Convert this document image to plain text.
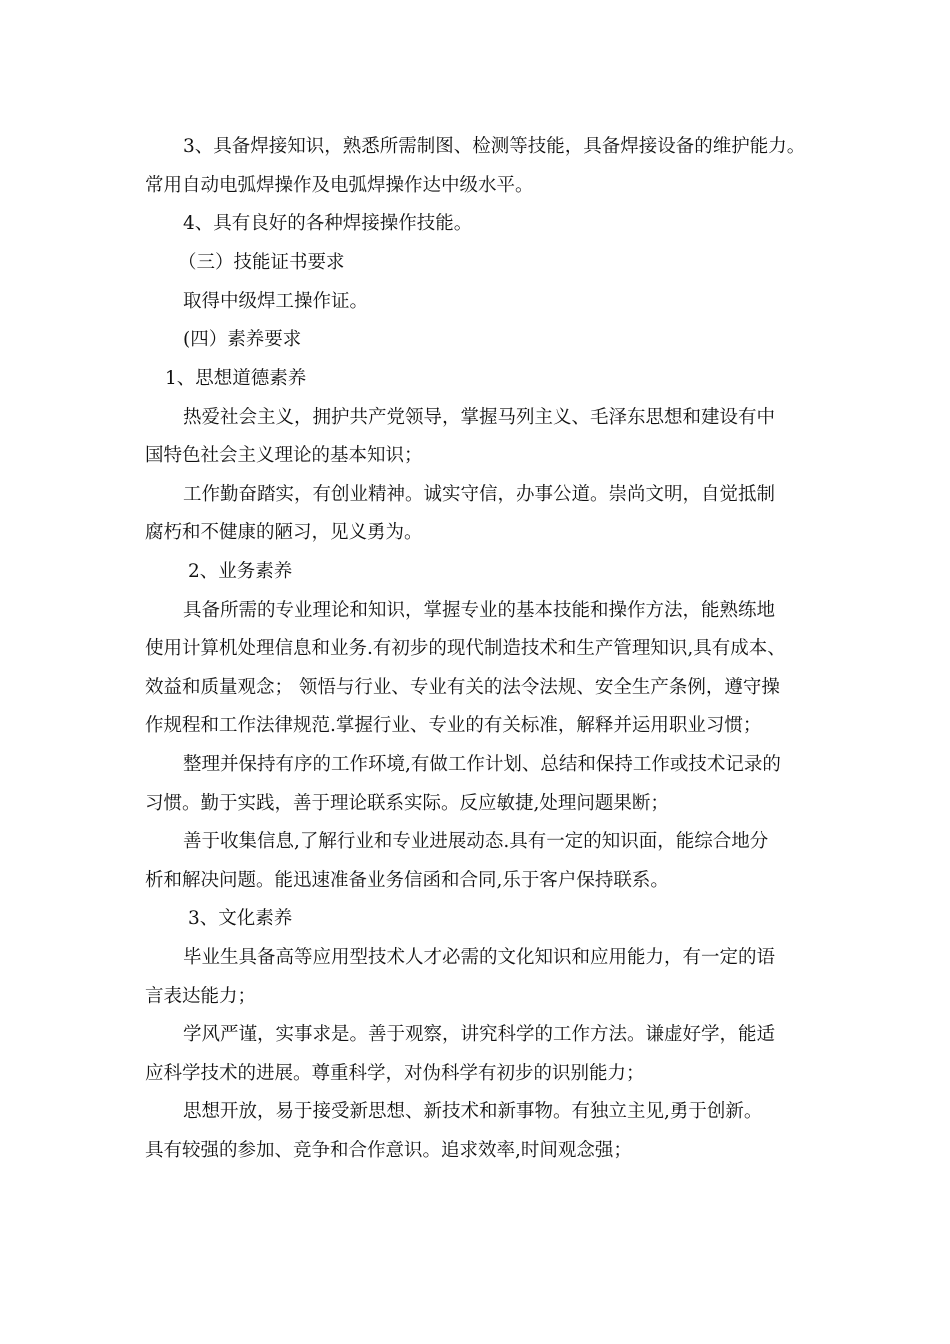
3、具备焊接知识，熟悉所需制图、检测等技能，具备焊接设备的维护能力。
常用自动电弧焊操作及电弧焊操作达中级水平。
4、具有良好的各种焊接操作技能。
（三）技能证书要求
取得中级焊工操作证。
(四）素养要求
1、思想道德素养
热爱社会主义，拥护共产党领导，掌握马列主义、毛泽东思想和建设有中
国特色社会主义理论的基本知识；
工作勤奋踏实，有创业精神。诚实守信，办事公道。崇尚文明，自觉抵制
腐朽和不健康的陋习，见义勇为。
2、业务素养
具备所需的专业理论和知识，掌握专业的基本技能和操作方法，能熟练地
使用计算机处理信息和业务.有初步的现代制造技术和生产管理知识,具有成本、
效益和质量观念； 领悟与行业、专业有关的法令法规、安全生产条例，遵守操
作规程和工作法律规范.掌握行业、专业的有关标准，解释并运用职业习惯；
整理并保持有序的工作环境,有做工作计划、总结和保持工作或技术记录的
习惯。勤于实践，善于理论联系实际。反应敏捷,处理问题果断；
善于收集信息,了解行业和专业进展动态.具有一定的知识面，能综合地分
析和解决问题。能迅速准备业务信函和合同,乐于客户保持联系。
3、文化素养
毕业生具备高等应用型技术人才必需的文化知识和应用能力，有一定的语
言表达能力；
学风严谨，实事求是。善于观察，讲究科学的工作方法。谦虚好学，能适
应科学技术的进展。尊重科学，对伪科学有初步的识别能力；
思想开放，易于接受新思想、新技术和新事物。有独立主见,勇于创新。
具有较强的参加、竞争和合作意识。追求效率,时间观念强；
